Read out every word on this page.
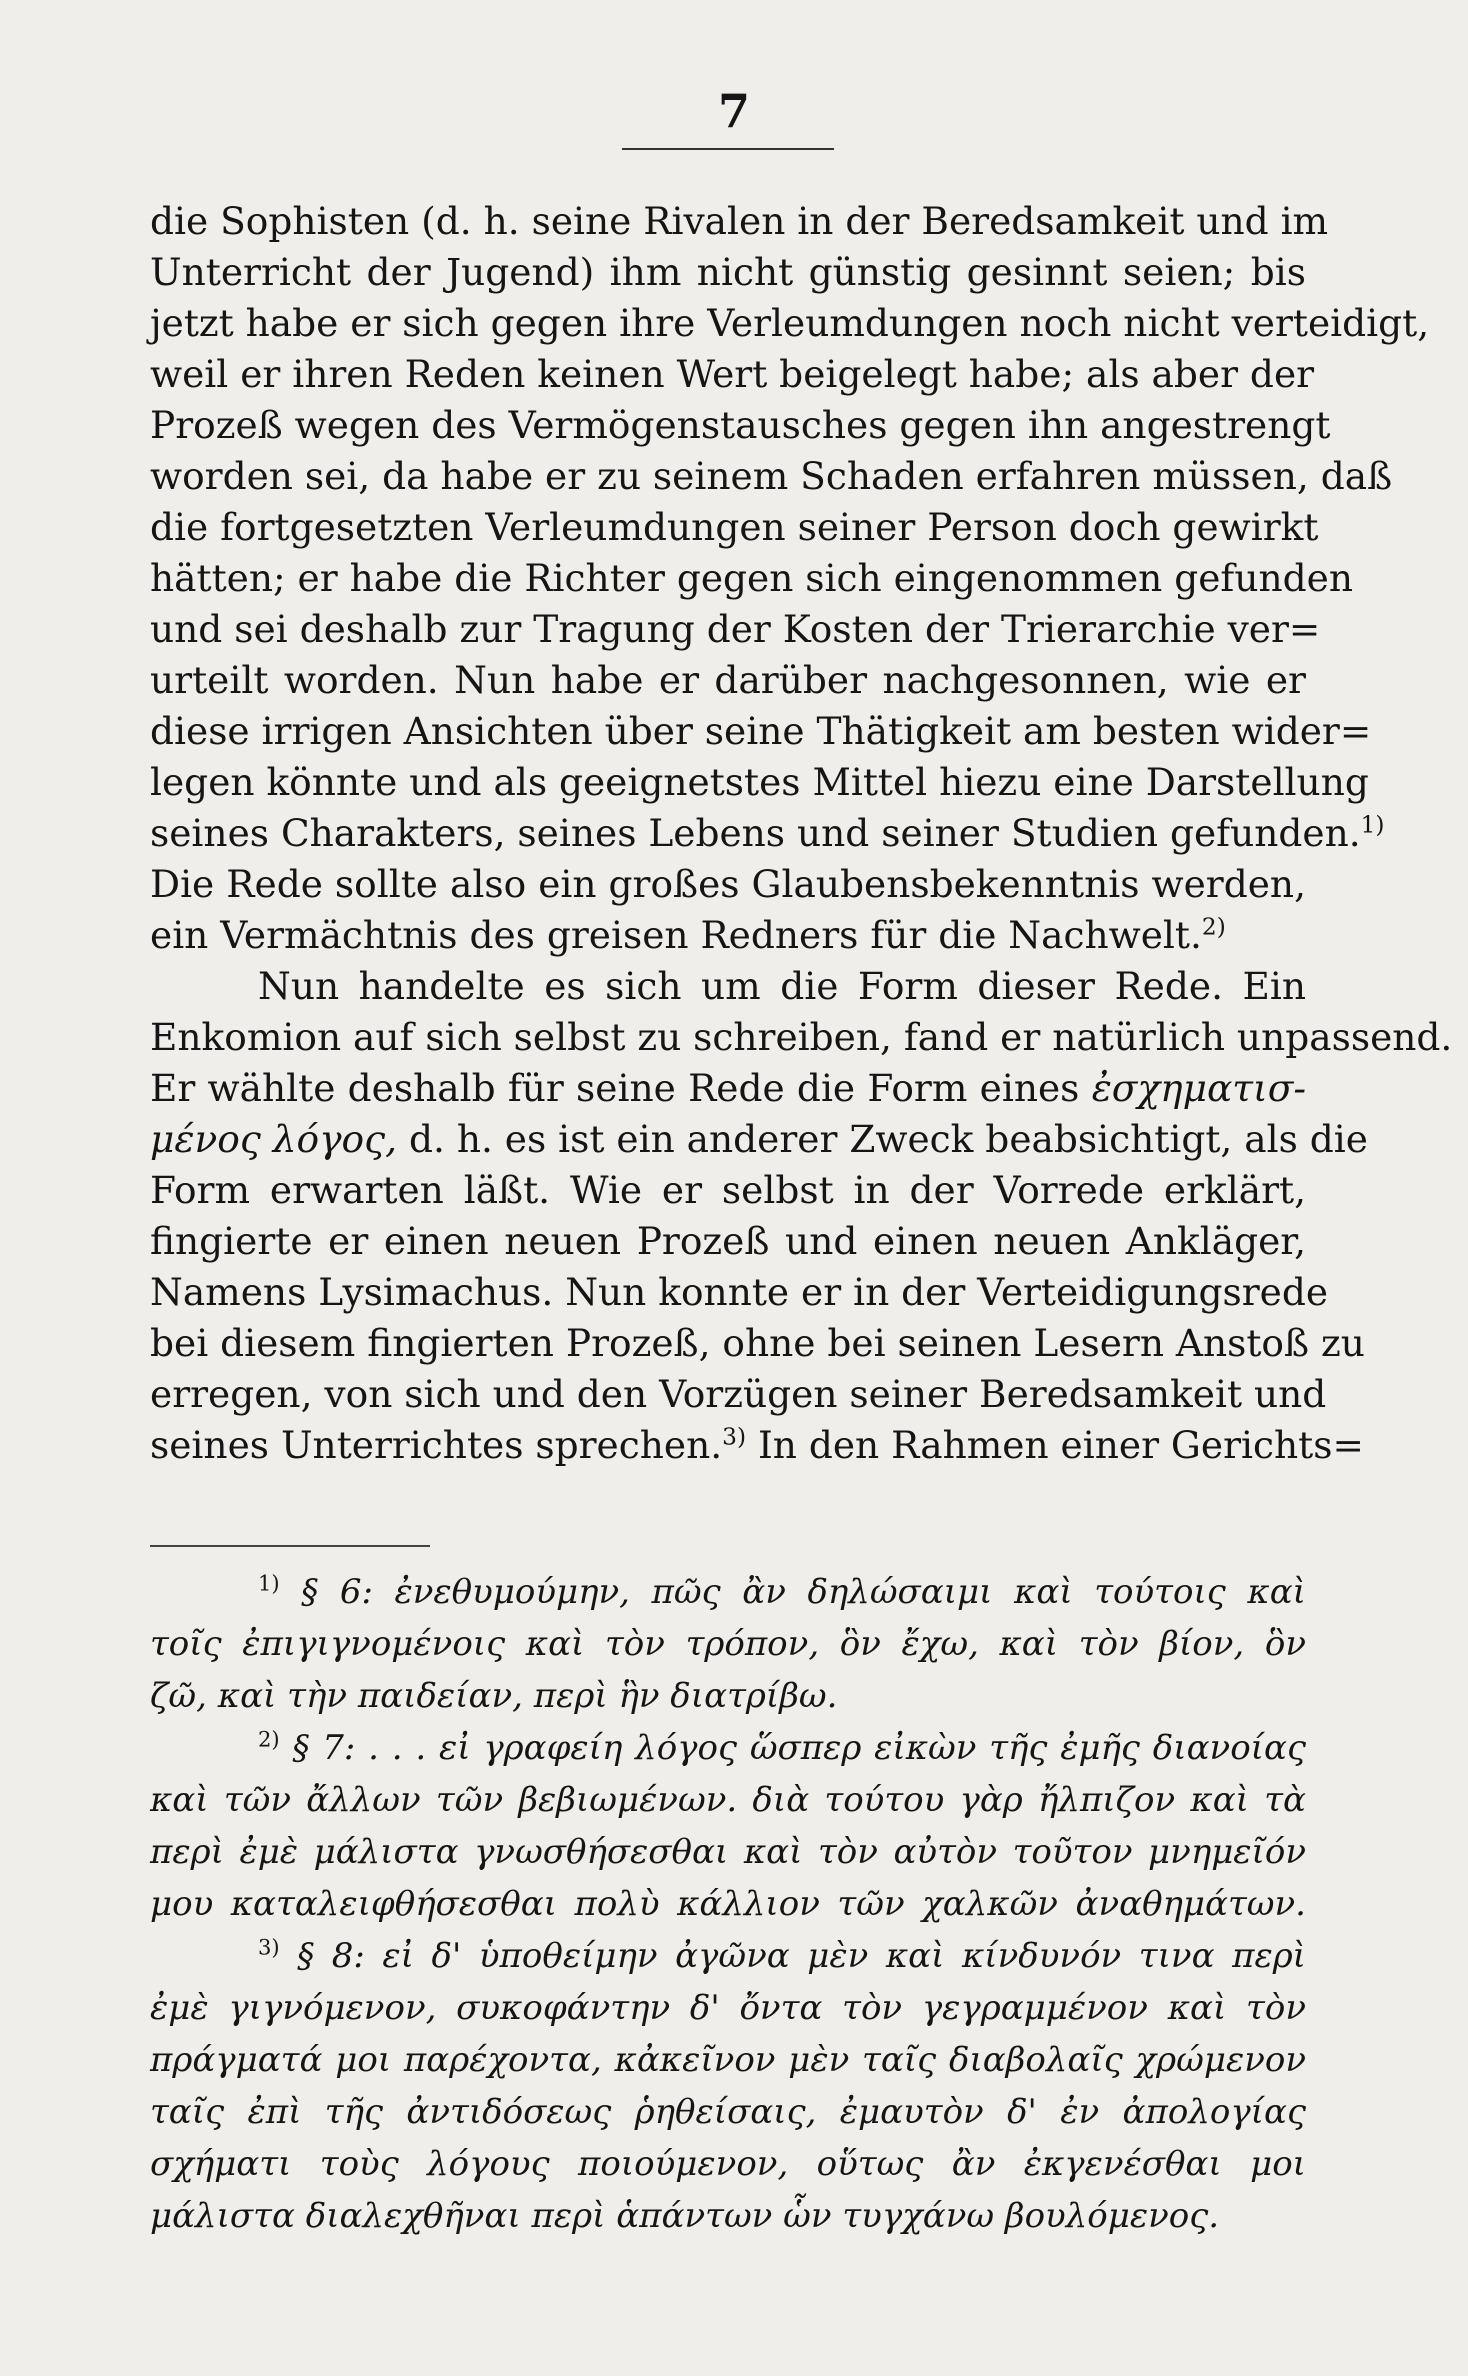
7
die Sophisten (d. h. seine Rivalen in der Beredsamkeit und im
Unterricht der Jugend) ihm nicht günstig gesinnt seien; bis
jetzt habe er sich gegen ihre Verleumdungen noch nicht verteidigt,
weil er ihren Reden keinen Wert beigelegt habe; als aber der
Prozeß wegen des Vermögenstausches gegen ihn angestrengt
worden sei, da habe er zu seinem Schaden erfahren müssen, daß
die fortgesetzten Verleumdungen seiner Person doch gewirkt
hätten; er habe die Richter gegen sich eingenommen gefunden
und sei deshalb zur Tragung der Kosten der Trierarchie ver=
urteilt worden. Nun habe er darüber nachgesonnen, wie er
diese irrigen Ansichten über seine Thätigkeit am besten wider=
legen könnte und als geeignetstes Mittel hiezu eine Darstellung
seines Charakters, seines Lebens und seiner Studien gefunden.$^{1)}$
Die Rede sollte also ein großes Glaubensbekenntnis werden,
ein Vermächtnis des greisen Redners für die Nachwelt.$^{2)}$
Nun handelte es sich um die Form dieser Rede. Ein
Enkomion auf sich selbst zu schreiben, fand er natürlich unpassend.
Er wählte deshalb für seine Rede die Form eines ἐσχηματισ-
μένος λόγος, d. h. es ist ein anderer Zweck beabsichtigt, als die
Form erwarten läßt. Wie er selbst in der Vorrede erklärt,
fingierte er einen neuen Prozeß und einen neuen Ankläger,
Namens Lysimachus. Nun konnte er in der Verteidigungsrede
bei diesem fingierten Prozeß, ohne bei seinen Lesern Anstoß zu
erregen, von sich und den Vorzügen seiner Beredsamkeit und
seines Unterrichtes sprechen.$^{3)}$ In den Rahmen einer Gerichts=
$^{1)}$ § 6: ἐνεθυμούμην, πῶς ἂν δηλώσαιμι καὶ τούτοις καὶ
τοῖς ἐπιγιγνομένοις καὶ τὸν τρόπον, ὃν ἔχω, καὶ τὸν βίον, ὃν
ζῶ, καὶ τὴν παιδείαν, περὶ ἣν διατρίβω.
$^{2)}$ § 7: . . . εἰ γραφείη λόγος ὥσπερ εἰκὼν τῆς ἐμῆς διανοίας
καὶ τῶν ἄλλων τῶν βεβιωμένων. διὰ τούτου γὰρ ἤλπιζον καὶ τὰ
περὶ ἐμὲ μάλιστα γνωσθήσεσθαι καὶ τὸν αὐτὸν τοῦτον μνημεῖόν
μου καταλειφθήσεσθαι πολὺ κάλλιον τῶν χαλκῶν ἀναθημάτων.
$^{3)}$ § 8: εἰ δ' ὑποθείμην ἀγῶνα μὲν καὶ κίνδυνόν τινα περὶ
ἐμὲ γιγνόμενον, συκοφάντην δ' ὄντα τὸν γεγραμμένον καὶ τὸν
πράγματά μοι παρέχοντα, κἀκεῖνον μὲν ταῖς διαβολαῖς χρώμενον
ταῖς ἐπὶ τῆς ἀντιδόσεως ῥηθείσαις, ἐμαυτὸν δ' ἐν ἀπολογίας
σχήματι τοὺς λόγους ποιούμενον, οὕτως ἂν ἐκγενέσθαι μοι
μάλιστα διαλεχθῆναι περὶ ἁπάντων ὧν τυγχάνω βουλόμενος.
